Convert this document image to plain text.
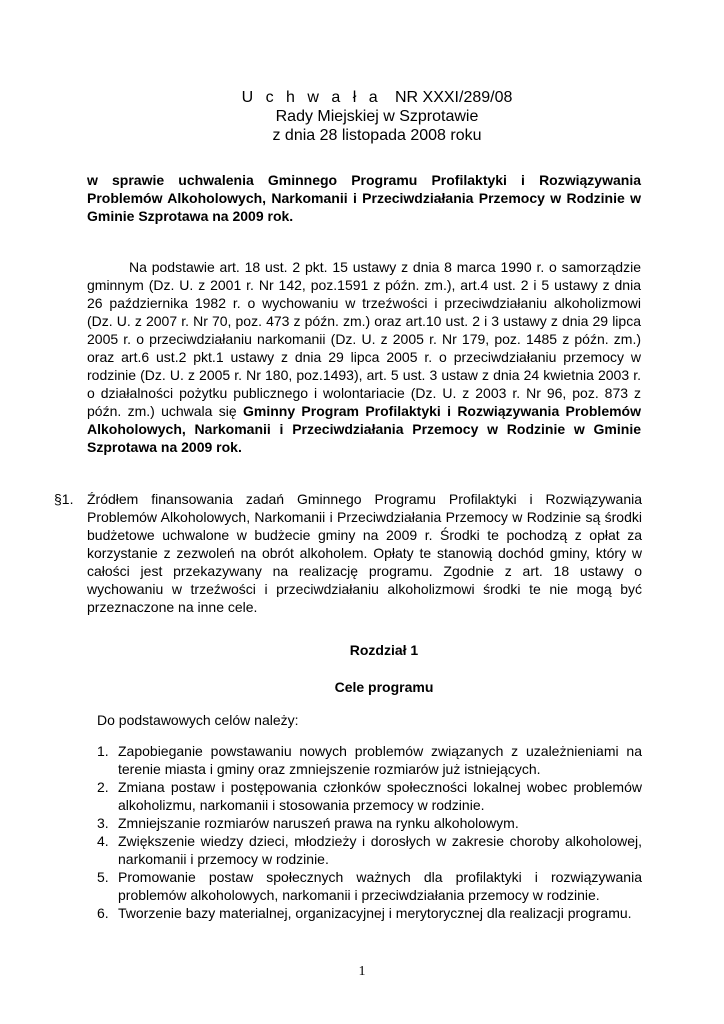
U c h w a ł a NR XXXI/289/08
Rady Miejskiej w Szprotawie
z dnia 28 listopada 2008 roku
w sprawie uchwalenia Gminnego Programu Profilaktyki i Rozwiązywania Problemów Alkoholowych, Narkomanii i Przeciwdziałania Przemocy w Rodzinie w Gminie Szprotawa na 2009 rok.
Na podstawie art. 18 ust. 2 pkt. 15 ustawy z dnia 8 marca 1990 r. o samorządzie gminnym (Dz. U. z 2001 r. Nr 142, poz.1591 z późn. zm.), art.4 ust. 2 i 5 ustawy z dnia 26 października 1982 r. o wychowaniu w trzeźwości i przeciwdziałaniu alkoholizmowi (Dz. U. z 2007 r. Nr 70, poz. 473 z późn. zm.) oraz art.10 ust. 2 i 3 ustawy z dnia 29 lipca 2005 r. o przeciwdziałaniu narkomanii (Dz. U. z 2005 r. Nr 179, poz. 1485 z późn. zm.) oraz art.6 ust.2 pkt.1 ustawy z dnia 29 lipca 2005 r. o przeciwdziałaniu przemocy w rodzinie (Dz. U. z 2005 r. Nr 180, poz.1493), art. 5 ust. 3 ustaw z dnia 24 kwietnia 2003 r. o działalności pożytku publicznego i wolontariacie (Dz. U. z 2003 r. Nr 96, poz. 873 z późn. zm.) uchwala się Gminny Program Profilaktyki i Rozwiązywania Problemów Alkoholowych, Narkomanii i Przeciwdziałania Przemocy w Rodzinie w Gminie Szprotawa na 2009 rok.
§1. Źródłem finansowania zadań Gminnego Programu Profilaktyki i Rozwiązywania Problemów Alkoholowych, Narkomanii i Przeciwdziałania Przemocy w Rodzinie są środki budżetowe uchwalone w budżecie gminy na 2009 r. Środki te pochodzą z opłat za korzystanie z zezwoleń na obrót alkoholem. Opłaty te stanowią dochód gminy, który w całości jest przekazywany na realizację programu. Zgodnie z art. 18 ustawy o wychowaniu w trzeźwości i przeciwdziałaniu alkoholizmowi środki te nie mogą być przeznaczone na inne cele.
Rozdział 1
Cele programu
Do podstawowych celów należy:
1. Zapobieganie powstawaniu nowych problemów związanych z uzależnieniami na terenie miasta i gminy oraz zmniejszenie rozmiarów już istniejących.
2. Zmiana postaw i postępowania członków społeczności lokalnej wobec problemów alkoholizmu, narkomanii i stosowania przemocy w rodzinie.
3. Zmniejszanie rozmiarów naruszeń prawa na rynku alkoholowym.
4. Zwiększenie wiedzy dzieci, młodzieży i dorosłych w zakresie choroby alkoholowej, narkomanii i przemocy w rodzinie.
5. Promowanie postaw społecznych ważnych dla profilaktyki i rozwiązywania problemów alkoholowych, narkomanii i przeciwdziałania przemocy w rodzinie.
6. Tworzenie bazy materialnej, organizacyjnej i merytorycznej dla realizacji programu.
1
